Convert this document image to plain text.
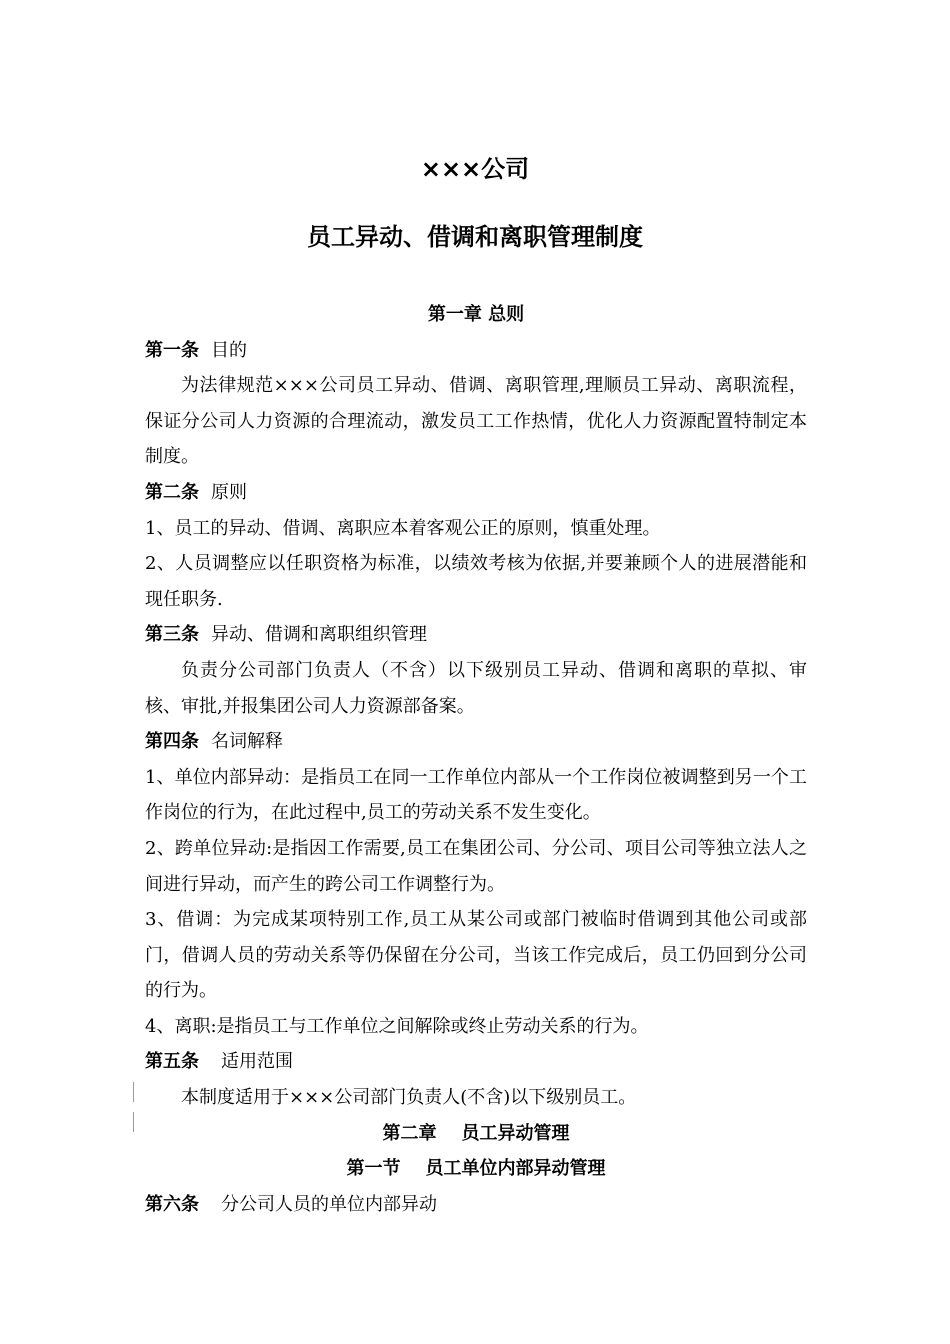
×××公司
员工异动、借调和离职管理制度

第一章 总则

第一条 目的

为法律规范×××公司员工异动、借调、离职管理,理顺员工异动、离职流程，保证分公司人力资源的合理流动，激发员工工作热情，优化人力资源配置特制定本制度。

第二条 原则

1、员工的异动、借调、离职应本着客观公正的原则，慎重处理。

2、人员调整应以任职资格为标准，以绩效考核为依据,并要兼顾个人的进展潜能和现任职务.

第三条 异动、借调和离职组织管理

负责分公司部门负责人（不含）以下级别员工异动、借调和离职的草拟、审核、审批,并报集团公司人力资源部备案。

第四条 名词解释

1、单位内部异动：是指员工在同一工作单位内部从一个工作岗位被调整到另一个工作岗位的行为，在此过程中,员工的劳动关系不发生变化。

2、跨单位异动:是指因工作需要,员工在集团公司、分公司、项目公司等独立法人之间进行异动，而产生的跨公司工作调整行为。

3、借调：为完成某项特别工作,员工从某公司或部门被临时借调到其他公司或部门，借调人员的劳动关系等仍保留在分公司，当该工作完成后，员工仍回到分公司的行为。

4、离职:是指员工与工作单位之间解除或终止劳动关系的行为。

第五条 适用范围

本制度适用于×××公司部门负责人(不含)以下级别员工。

第二章    员工异动管理

第一节    员工单位内部异动管理

第六条 分公司人员的单位内部异动
